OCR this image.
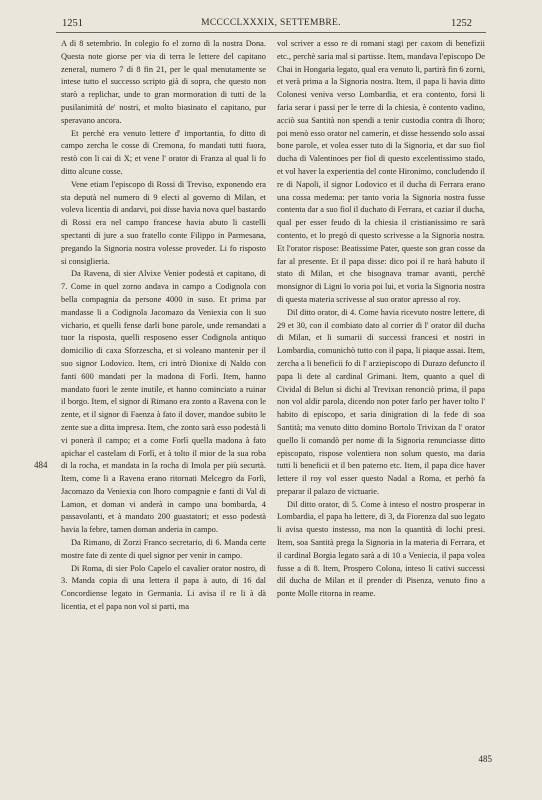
1251	MCCCCLXXXIX, SETTEMBRE.	1252

A di 8 setembrio. In colegio fo el zorno di la nostra Dona. Questa note giorse per via di terra le lettere del capitano zeneral, numero 7 di 8 fin 21, per le qual menutamente se intese tutto el successo scripto già di sopra, che questo non starò a replichar, unde to gran mormoration di tutti de la pusilanimità de' nostri, et molto biasinato el capitano, pur speravano ancora.

Et perchè era venuto lettere d' importantia, fo ditto di campo zercha le cosse di Cremona, fo mandati tutti fuora, restò con li cai di X; et vene l' orator di Franza al qual li fo ditto alcune cosse.

Vene etiam l'episcopo di Rossi di Treviso, exponendo era sta deputà nel numero di 9 electi al governo di Milan, et voleva licentia di andarvi, poi disse havia nova quel bastardo di Rossi era nel campo francese havia abuto li castelli spectanti di jure a suo fratello conte Filippo in Parmesana, pregando la Signoria nostra volesse proveder. Li fo risposto si consiglieria.

Da Ravena, di sier Alvixe Venier podestà et capitano, di 7. Come in quel zorno andava in campo a Codignola con bella compagnia da persone 4000 in suso. Et prima par mandasse li a Codignola Jacomazo da Veniexia con li suo vichario, et quelli fense darli bone parole, unde remandati a tuor la risposta, quelli resposeno esser Codignola antiquo domicilio di caxa Sforzescha, et si voleano mantenir per il suo signor Lodovico. Item, cri intrò Dionixe di Naldo con fanti 600 mandati per la madona di Forlì. Item, hanno mandato fuori le zente inutile, et hanno cominciato a ruinar il borgo. Item, el signor di Rimano era zonto a Ravena con le zente, et il signor di Faenza à fato il dover, mandoe subito le zente sue a ditta impresa. Item, che zonto sarà esso podestà li vi ponerà il campo; et a come Forlì quella madona à fato apichar el castelam di Forlì, et à tolto il mior de la sua roba di la rocha, et mandata in la rocha di Imola per più securtà. Item, come li a Ravena erano ritornati Melcegro da Forlì, Jacomazo da Veniexia con lhoro compagnie e fanti di Val di Lamon, et doman vi anderà in campo una bombarda, 4 passavolanti, et à mandato 200 guastatori; et esso podestà havia la febre, tamen doman anderia in campo.

Da Rimano, di Zorzi Franco secretario, di 6. Manda certe mostre fate di zente di quel signor per venir in campo.

Di Roma, di sier Polo Capelo el cavalier orator nostro, di 3. Manda copia di una lettera il papa à auto, di 16 dal Concordiense legato in Germania. Li avisa il re li à dà licentia, et el papa non vol si parti, ma

vol scriver a esso re di romani stagi per caxom di benefizii etc., perchè saria mal si partisse. Item, mandava l'episcopo De Chai in Hongaria legato, qual era venuto li, partirà fin 6 zorni, et verà prima a la Signoria nostra. Item, il papa li havia ditto Colonesi veniva verso Lombardia, et era contento, forsi li faria serar i passi per le terre di la chiesia, è contento vadino, acciò sua Santità non spendi a tenir custodia contra di lhoro; poi menò esso orator nel camerin, et disse hessendo solo assai bone parole, et volea esser tuto di la Signoria, et dar suo fiol ducha di Valentinoes per fiol di questo excelentissimo stado, et vol haver la experientia del conte Hironimo, concludendo il re di Napoli, il signor Lodovico et il ducha di Ferrara erano una cossa medema: per tanto voria la Signoria nostra fusse contenta dar a suo fiol il duchato di Ferrara, et caziar il ducha, qual per esser feudo di la chiesia il cristianissimo re sarà contento, et lo pregò di questo scrivesse a la Signoria nostra. Et l'orator rispose: Beatissime Pater, queste son gran cosse da far al presente. Et il papa disse: dico poi il re harà habuto il stato di Milan, et che bisognava tramar avanti, perchè monsignor di Ligni lo voria poi lui, et voria la Signoria nostra di questa materia scrivesse al suo orator apresso al roy.

Dil ditto orator, di 4. Come havia ricevuto nostre lettere, di 29 et 30, con il combiato dato al corrier di l' orator dil ducha di Milan, et li sumarii di successi francesi et nostri in Lombardia, comunichò tutto con il papa, li piaque assai. Item, zercha a li beneficii fo di l' arziepiscopo di Durazo defuncto il papa li dete al cardinal Grimani. Item, quanto a quel di Cividal di Belun si dichi al Trevixan renonciò prima, il papa non vol aldir parola, dicendo non poter farlo per haver tolto l' habito di episcopo, et saria dinigration di la fede di soa Santità; ma venuto ditto domino Bortolo Trivixan da l' orator quello li comandò per nome di la Signoria renunciasse ditto episcopato, rispose volentiera non solum questo, ma daria tutti li beneficii et il ben paterno etc. Item, il papa dice haver lettere il roy vol esser questo Nadal a Roma, et perhò fa preparar il palazo de victuarie.

Dil ditto orator, di 5. Come à inteso el nostro prosperar in Lombardia, el papa ha lettere, di 3, da Fiorenza dal suo legato li avisa questo instesso, ma non la quantità di lochi presi. Item, soa Santità prega la Signoria in la materia di Ferrara, et il cardinal Borgia legato sarà a di 10 a Veniecia, il papa volea fusse a di 8. Item, Prospero Colona, inteso li cativi successi dil ducha de Milan et il prender di Pisenza, venuto fino a ponte Molle ritorna in reame.

484
485
